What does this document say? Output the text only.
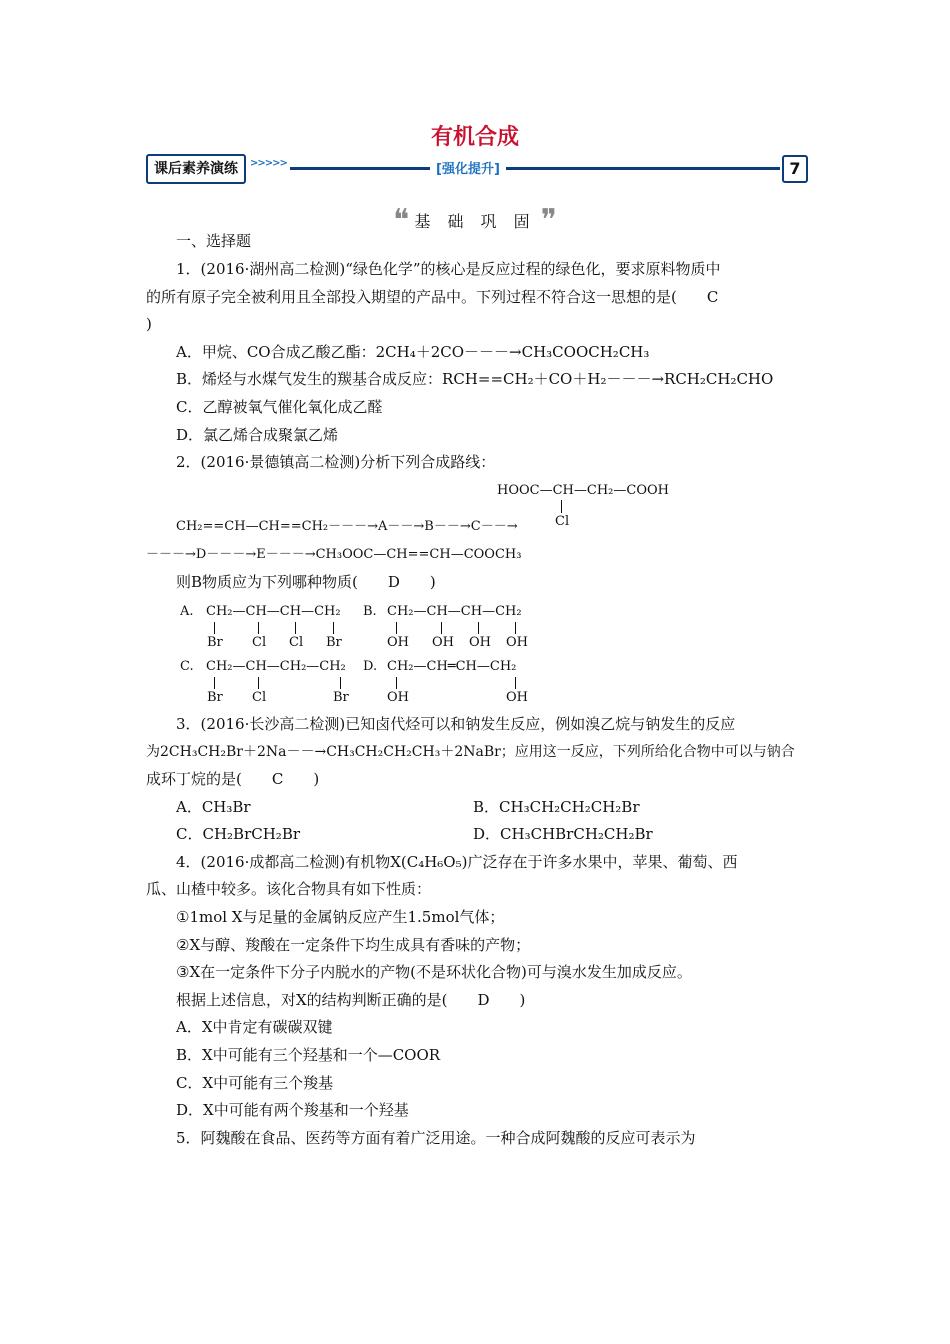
有机合成
课后素养演练	>>>>>	[强化提升]	7
❝ 基 础 巩 固 ❞
一、选择题
1．(2016·湖州高二检测)“绿色化学”的核心是反应过程的绿色化，要求原料物质中
的所有原子完全被利用且全部投入期望的产品中。下列过程不符合这一思想的是(　　C
)
A．甲烷、CO合成乙酸乙酯：2CH₄＋2CO－－－→CH₃COOCH₂CH₃
B．烯烃与水煤气发生的羰基合成反应：RCH==CH₂＋CO＋H₂－－－→RCH₂CH₂CHO
C．乙醇被氧气催化氧化成乙醛
D．氯乙烯合成聚氯乙烯
2．(2016·景德镇高二检测)分析下列合成路线：
HOOC—CH—CH₂—COOH
Cl
CH₂==CH—CH==CH₂－－－→A－－→B－－→C－－→
－－－→D－－－→E－－－→CH₃OOC—CH==CH—COOCH₃
则B物质应为下列哪种物质(　　D　　)
A. CH₂—CH—CH—CH₂
Br Cl Cl Br
B. CH₂—CH—CH—CH₂
OH OH OH OH
C. CH₂—CH—CH₂—CH₂
Br Cl	Br
D. CH₂—CH═CH—CH₂
OH	OH
3．(2016·长沙高二检测)已知卤代烃可以和钠发生反应，例如溴乙烷与钠发生的反应
为2CH₃CH₂Br＋2Na－－→CH₃CH₂CH₂CH₃＋2NaBr；应用这一反应，下列所给化合物中可以与钠合
成环丁烷的是(　　C　　)
A．CH₃Br	B．CH₃CH₂CH₂CH₂Br
C．CH₂BrCH₂Br	D．CH₃CHBrCH₂CH₂Br
4．(2016·成都高二检测)有机物X(C₄H₆O₅)广泛存在于许多水果中，苹果、葡萄、西
瓜、山楂中较多。该化合物具有如下性质：
①1mol X与足量的金属钠反应产生1.5mol气体；
②X与醇、羧酸在一定条件下均生成具有香味的产物；
③X在一定条件下分子内脱水的产物(不是环状化合物)可与溴水发生加成反应。
根据上述信息，对X的结构判断正确的是(　　D　　)
A．X中肯定有碳碳双键
B．X中可能有三个羟基和一个—COOR
C．X中可能有三个羧基
D．X中可能有两个羧基和一个羟基
5．阿魏酸在食品、医药等方面有着广泛用途。一种合成阿魏酸的反应可表示为
